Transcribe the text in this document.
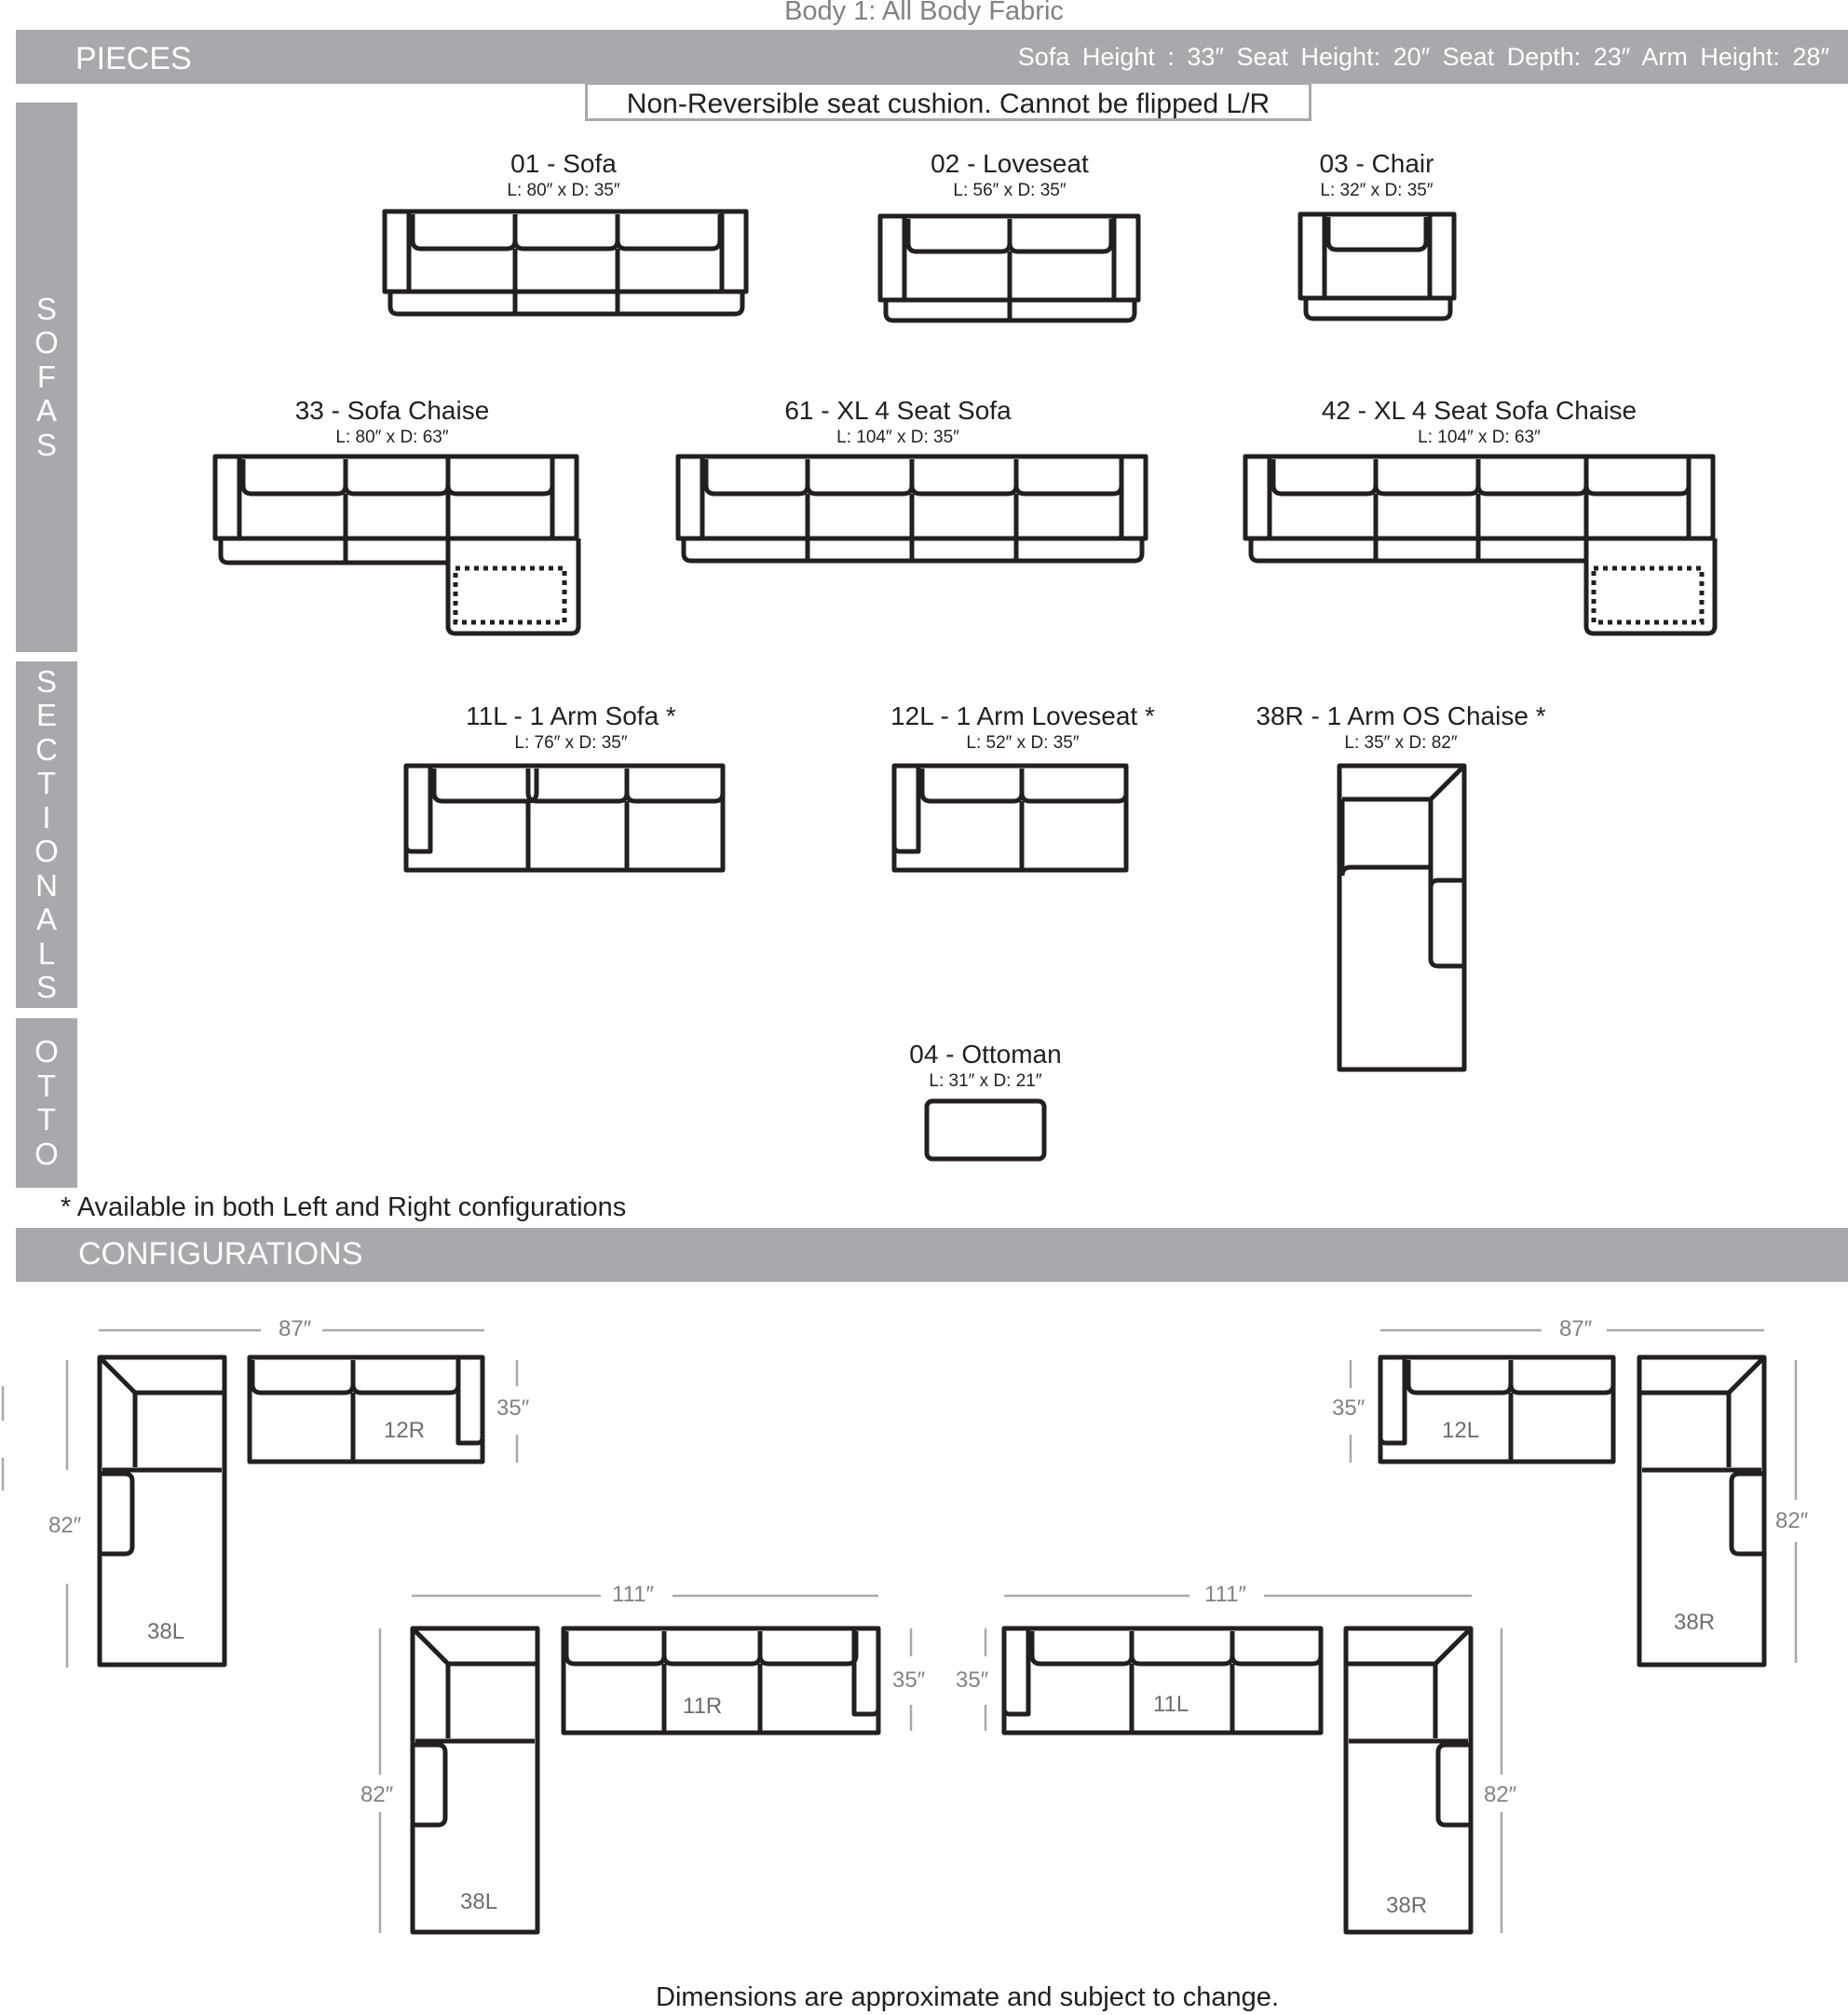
Body 1: All Body Fabric
PIECES	Sofa Height : 33″ Seat Height: 20″ Seat Depth: 23″ Arm Height: 28″
Non-Reversible seat cushion. Cannot be flipped L/R
S
O
F
A
S
S
E
C
T
I
O
N
A
L
S
O
T
T
O
01 - Sofa
L: 80″ x D: 35″
02 - Loveseat
L: 56″ x D: 35″
03 - Chair
L: 32″ x D: 35″
33 - Sofa Chaise
L: 80″ x D: 63″
61 - XL 4 Seat Sofa
L: 104″ x D: 35″
42 - XL 4 Seat Sofa Chaise
L: 104″ x D: 63″
11L - 1 Arm Sofa *
L: 76″ x D: 35″
12L - 1 Arm Loveseat *
L: 52″ x D: 35″
38R - 1 Arm OS Chaise *
L: 35″ x D: 82″
04 - Ottoman
L: 31″ x D: 21″
* Available in both Left and Right configurations
CONFIGURATIONS
87″
35″
82″
38L
12R
87″
35″
82″
12L
38R
111″
35″
82″
38L
11R
111″
35″
82″
11L
38R
Dimensions are approximate and subject to change.
